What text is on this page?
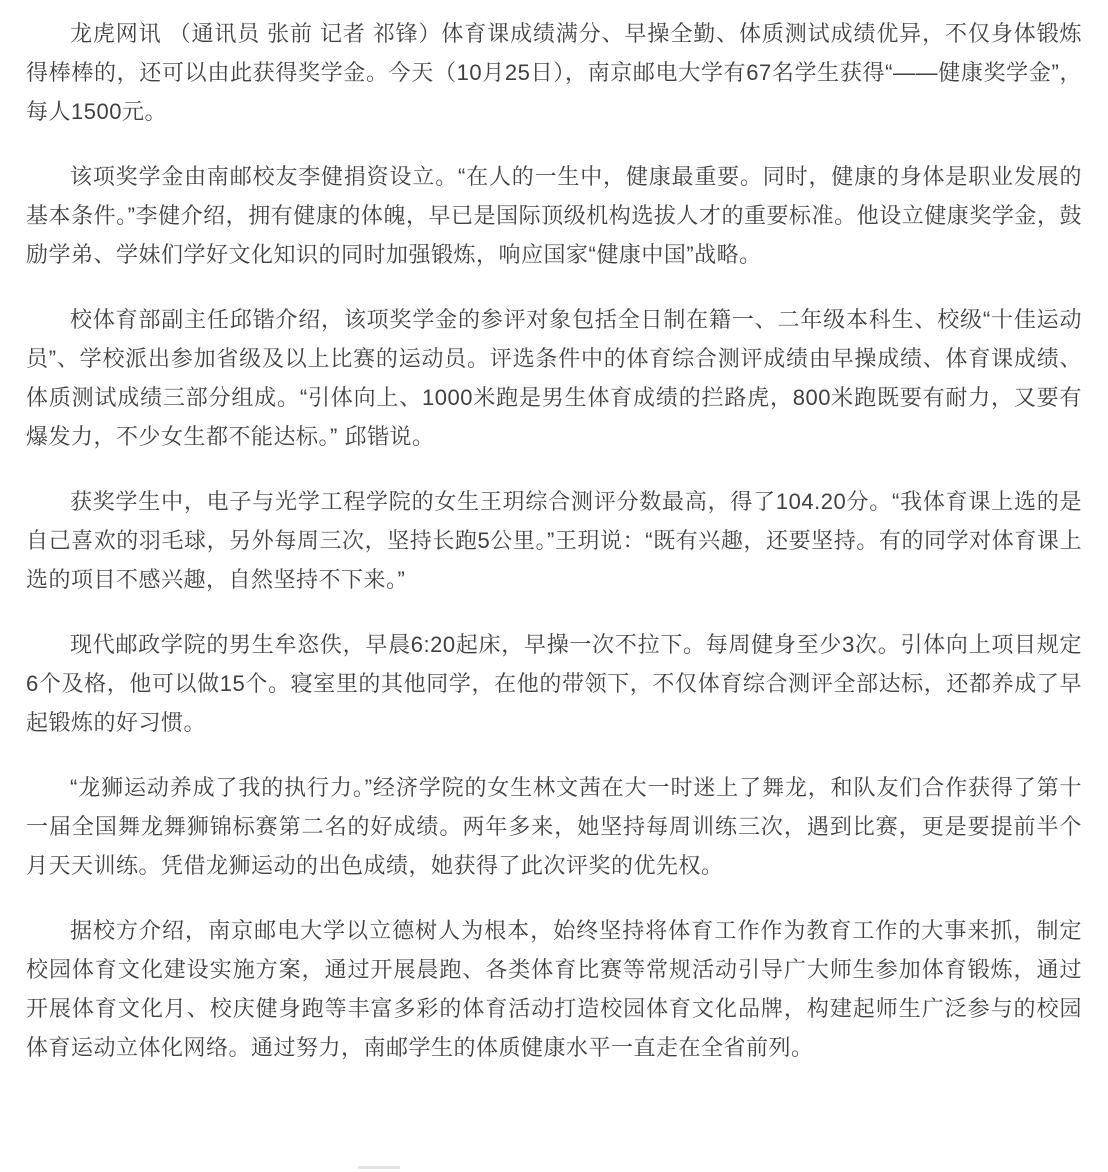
龙虎网讯 （通讯员 张前 记者 祁锋）体育课成绩满分、早操全勤、体质测试成绩优异，不仅身体锻炼得棒棒的，还可以由此获得奖学金。今天（10月25日），南京邮电大学有67名学生获得“——健康奖学金”，每人1500元。

该项奖学金由南邮校友李健捐资设立。“在人的一生中，健康最重要。同时，健康的身体是职业发展的基本条件。”李健介绍，拥有健康的体魄，早已是国际顶级机构选拔人才的重要标准。他设立健康奖学金，鼓励学弟、学妹们学好文化知识的同时加强锻炼，响应国家“健康中国”战略。

校体育部副主任邱锴介绍，该项奖学金的参评对象包括全日制在籍一、二年级本科生、校级“十佳运动员”、学校派出参加省级及以上比赛的运动员。评选条件中的体育综合测评成绩由早操成绩、体育课成绩、体质测试成绩三部分组成。“引体向上、1000米跑是男生体育成绩的拦路虎，800米跑既要有耐力，又要有爆发力，不少女生都不能达标。” 邱锴说。

获奖学生中，电子与光学工程学院的女生王玥综合测评分数最高，得了104.20分。“我体育课上选的是自己喜欢的羽毛球，另外每周三次，坚持长跑5公里。”王玥说：“既有兴趣，还要坚持。有的同学对体育课上选的项目不感兴趣，自然坚持不下来。”

现代邮政学院的男生牟恣佚，早晨6:20起床，早操一次不拉下。每周健身至少3次。引体向上项目规定6个及格，他可以做15个。寝室里的其他同学，在他的带领下，不仅体育综合测评全部达标，还都养成了早起锻炼的好习惯。

“龙狮运动养成了我的执行力。”经济学院的女生林文茜在大一时迷上了舞龙，和队友们合作获得了第十一届全国舞龙舞狮锦标赛第二名的好成绩。两年多来，她坚持每周训练三次，遇到比赛，更是要提前半个月天天训练。凭借龙狮运动的出色成绩，她获得了此次评奖的优先权。

据校方介绍，南京邮电大学以立德树人为根本，始终坚持将体育工作作为教育工作的大事来抓，制定校园体育文化建设实施方案，通过开展晨跑、各类体育比赛等常规活动引导广大师生参加体育锻炼，通过开展体育文化月、校庆健身跑等丰富多彩的体育活动打造校园体育文化品牌，构建起师生广泛参与的校园体育运动立体化网络。通过努力，南邮学生的体质健康水平一直走在全省前列。
